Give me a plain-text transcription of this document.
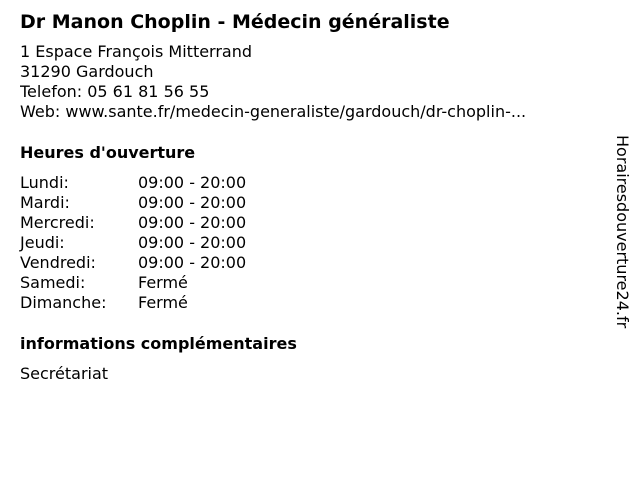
Dr Manon Choplin - Médecin généraliste
1 Espace François Mitterrand
31290 Gardouch
Telefon: 05 61 81 56 55
Web: www.sante.fr/medecin-generaliste/gardouch/dr-choplin-...
Heures d'ouverture
Lundi:	09:00 - 20:00
Mardi:	09:00 - 20:00
Mercredi:	09:00 - 20:00
Jeudi:	09:00 - 20:00
Vendredi:	09:00 - 20:00
Samedi:	Fermé
Dimanche:	Fermé
informations complémentaires
Secrétariat
Horairesdouverture24.fr
